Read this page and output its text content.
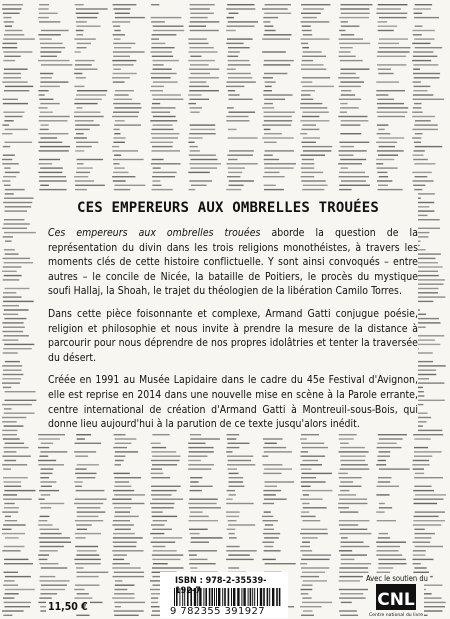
CES EMPEREURS AUX OMBRELLES TROUÉES

Ces empereurs aux ombrelles trouées aborde la question de la représentation du divin dans les trois religions monothéistes, à travers les moments clés de cette histoire conflictuelle. Y sont ainsi convoqués – entre autres – le concile de Nicée, la bataille de Poitiers, le procès du mystique soufi Hallaj, la Shoah, le trajet du théologien de la libération Camilo Torres.

Dans cette pièce foisonnante et complexe, Armand Gatti conjugue poésie, religion et philosophie et nous invite à prendre la mesure de la distance à parcourir pour nous déprendre de nos propres idolâtries et tenter la traversée du désert.

Créée en 1991 au Musée Lapidaire dans le cadre du 45e Festival d'Avignon, elle est reprise en 2014 dans une nouvelle mise en scène à la Parole errante, centre international de création d'Armand Gatti à Montreuil-sous-Bois, qui donne lieu aujourd'hui à la parution de ce texte jusqu'alors inédit.

ISBN : 978-2-35539-192-7
9 782355 391927
11,50 €
Avec le soutien du
CNL
Centre national du livre
